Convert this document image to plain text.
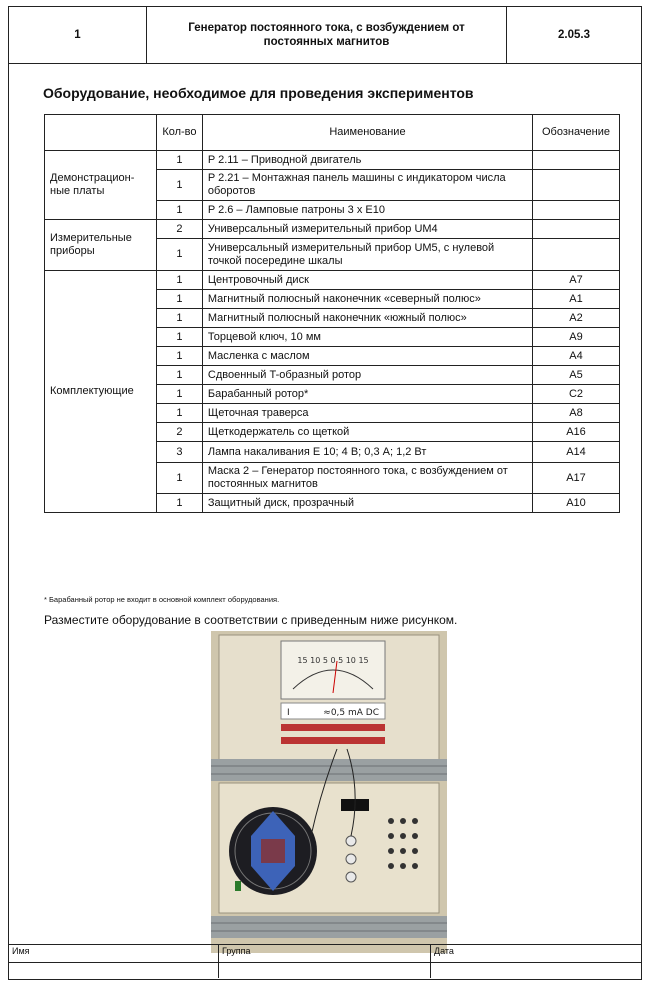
1
Генератор постоянного тока, с возбуждением от постоянных магнитов
2.05.3
Оборудование, необходимое для проведения экспериментов
	Кол-во	Наименование	Обозначение
Демонстрацион-ные платы	1	P 2.11 – Приводной двигатель	
	1	P 2.21 – Монтажная панель машины с индикатором числа оборотов	
	1	P 2.6 – Ламповые патроны 3 x E10	
Измерительные приборы	2	Универсальный измерительный прибор UM4	
	1	Универсальный измерительный прибор UM5, с нулевой точкой посередине шкалы	
Комплектующие	1	Центровочный диск	A7
	1	Магнитный полюсный наконечник «северный полюс»	A1
	1	Магнитный полюсный наконечник «южный полюс»	A2
	1	Торцевой ключ, 10 мм	A9
	1	Масленка с маслом	A4
	1	Сдвоенный T-образный ротор	A5
	1	Барабанный ротор*	C2
	1	Щеточная траверса	A8
	2	Щеткодержатель со щеткой	A16
	3	Лампа накаливания E 10; 4 В; 0,3 А; 1,2 Вт	A14
	1	Маска 2 – Генератор постоянного тока, с возбуждением от постоянных магнитов	A17
	1	Защитный диск, прозрачный	A10
* Барабанный ротор не входит в основной комплект оборудования.
Разместите оборудование в соответствии с приведенным ниже рисунком.
15 10 5 0 5 10 15
I	≈0,5 mA DC
Имя	Группа	Дата
